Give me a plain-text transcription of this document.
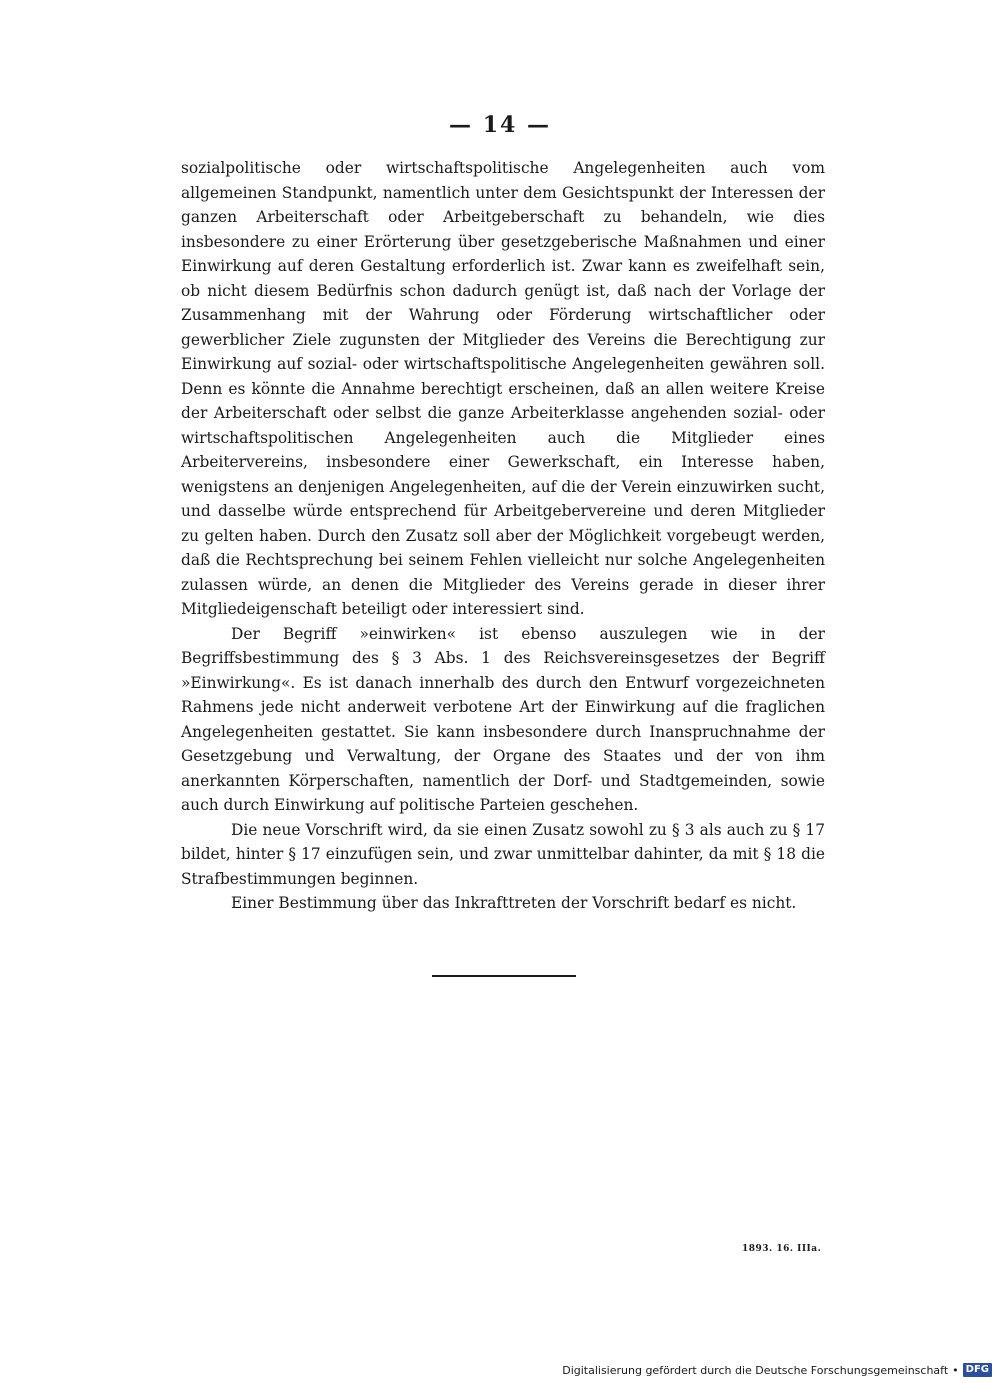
— 14 —

sozialpolitische oder wirtschaftspolitische Angelegenheiten auch vom allgemeinen Standpunkt, namentlich unter dem Gesichtspunkt der Interessen der ganzen Arbeiterschaft oder Arbeitgeberschaft zu behandeln, wie dies insbesondere zu einer Erörterung über gesetzgeberische Maßnahmen und einer Einwirkung auf deren Gestaltung erforderlich ist. Zwar kann es zweifelhaft sein, ob nicht diesem Bedürfnis schon dadurch genügt ist, daß nach der Vorlage der Zusammenhang mit der Wahrung oder Förderung wirtschaftlicher oder gewerblicher Ziele zugunsten der Mitglieder des Vereins die Berechtigung zur Einwirkung auf sozial- oder wirtschaftspolitische Angelegenheiten gewähren soll. Denn es könnte die Annahme berechtigt erscheinen, daß an allen weitere Kreise der Arbeiterschaft oder selbst die ganze Arbeiterklasse angehenden sozial- oder wirtschaftspolitischen Angelegenheiten auch die Mitglieder eines Arbeitervereins, insbesondere einer Gewerkschaft, ein Interesse haben, wenigstens an denjenigen Angelegenheiten, auf die der Verein einzuwirken sucht, und dasselbe würde entsprechend für Arbeitgebervereine und deren Mitglieder zu gelten haben. Durch den Zusatz soll aber der Möglichkeit vorgebeugt werden, daß die Rechtsprechung bei seinem Fehlen vielleicht nur solche Angelegenheiten zulassen würde, an denen die Mitglieder des Vereins gerade in dieser ihrer Mitgliedeigenschaft beteiligt oder interessiert sind.

Der Begriff »einwirken« ist ebenso auszulegen wie in der Begriffsbestimmung des § 3 Abs. 1 des Reichsvereinsgesetzes der Begriff »Einwirkung«. Es ist danach innerhalb des durch den Entwurf vorgezeichneten Rahmens jede nicht anderweit verbotene Art der Einwirkung auf die fraglichen Angelegenheiten gestattet. Sie kann insbesondere durch Inanspruchnahme der Gesetzgebung und Verwaltung, der Organe des Staates und der von ihm anerkannten Körperschaften, namentlich der Dorf- und Stadtgemeinden, sowie auch durch Einwirkung auf politische Parteien geschehen.

Die neue Vorschrift wird, da sie einen Zusatz sowohl zu § 3 als auch zu § 17 bildet, hinter § 17 einzufügen sein, und zwar unmittelbar dahinter, da mit § 18 die Strafbestimmungen beginnen.

Einer Bestimmung über das Inkrafttreten der Vorschrift bedarf es nicht.

1893. 16. IIIa.
Digitalisierung gefördert durch die Deutsche Forschungsgemeinschaft • DFG
